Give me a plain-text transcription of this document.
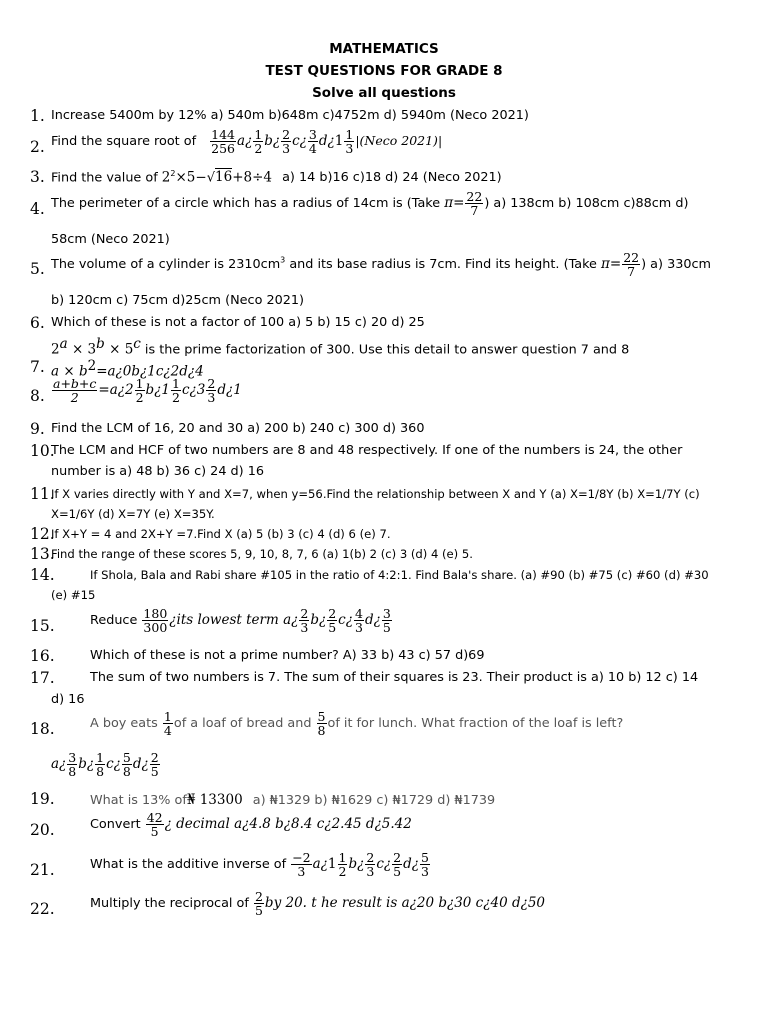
MATHEMATICS
TEST QUESTIONS FOR GRADE 8
Solve all questions
1. Increase 5400m by 12% a) 540m b)648m c)4752m d) 5940m (Neco 2021)
2. Find the square root of $\frac{144}{256}$ a¿ $\frac{1}{2}$ b¿ $\frac{2}{3}$ c¿ $\frac{3}{4}$ d¿1 $\frac{1}{3}$ |(Neco 2021)|
3. Find the value of $2^2\times 5-√16+8\div 4$ a) 14 b)16 c)18 d) 24 (Neco 2021)
4. The perimeter of a circle which has a radius of 14cm is (Take $\pi= \frac{22}{7}$ ) a) 138cm b) 108cm c)88cm d)
58cm (Neco 2021)
5. The volume of a cylinder is $2310cm^3$ and its base radius is 7cm. Find its height. (Take $\pi= \frac{22}{7}$ ) a) 330cm
b) 120cm c) 75cm d)25cm (Neco 2021)
6. Which of these is not a factor of 100 a) 5 b) 15 c) 20 d) 25
$2^a \times 3^b \times 5^c$ is the prime factorization of 300. Use this detail to answer question 7 and 8
7. $a \times b^2=a¿0b¿1c¿2d¿4$
8. $\frac{a+b+c}{2}$ =a¿2 $\frac{1}{2}$ b¿1 $\frac{1}{2}$ c¿3 $\frac{2}{3}$ d¿1
9. Find the LCM of 16, 20 and 30 a) 200 b) 240 c) 300 d) 360
10.
The LCM and HCF of two numbers are 8 and 48 respectively. If one of the numbers is 24, the other
number is a) 48 b) 36 c) 24 d) 16
11.
If X varies directly with Y and X=7, when y=56.Find the relationship between X and Y (a) X=1/8Y (b) X=1/7Y (c)
X=1/6Y (d) X=7Y (e) X=35Y.
12.
If X+Y = 4 and 2X+Y =7.Find X (a) 5 (b) 3 (c) 4 (d) 6 (e) 7.
13.
Find the range of these scores 5, 9, 10, 8, 7, 6 (a) 1(b) 2 (c) 3 (d) 4 (e) 5.
14.	If Shola, Bala and Rabi share #105 in the ratio of 4:2:1. Find Bala's share. (a) #90 (b) #75 (c) #60 (d) #30
(e) #15
15.	Reduce $\frac{180}{300}$ ¿its lowest term a¿ $\frac{2}{3}$ b¿ $\frac{2}{5}$ c¿ $\frac{4}{3}$ d¿ $\frac{3}{5}$
16.	Which of these is not a prime number? A) 33 b) 43 c) 57 d)69
17.	The sum of two numbers is 7. The sum of their squares is 23. Their product is a) 10 b) 12 c) 14
d) 16
18.	A boy eats $\frac{1}{4}$ of a loaf of bread and $\frac{5}{8}$ of it for lunch. What fraction of the loaf is left?
a¿ $\frac{3}{8}$ b¿ $\frac{1}{8}$ c¿ $\frac{5}{8}$ d¿ $\frac{2}{5}$
19.	What is 13% of₦ 13300 a) ₦1329 b) ₦1629 c) ₦1729 d) ₦1739
20.	Convert $\frac{42}{5}$ ¿ decimal a¿4.8 b¿8.4 c¿2.45 d¿5.42
21.	What is the additive inverse of $\frac{-2}{3}$ a¿1 $\frac{1}{2}$ b¿ $\frac{2}{3}$ c¿ $\frac{2}{5}$ d¿ $\frac{5}{3}$
22.	Multiply the reciprocal of $\frac{2}{5}$ by 20. t he result is a¿20 b¿30 c¿40 d¿50
